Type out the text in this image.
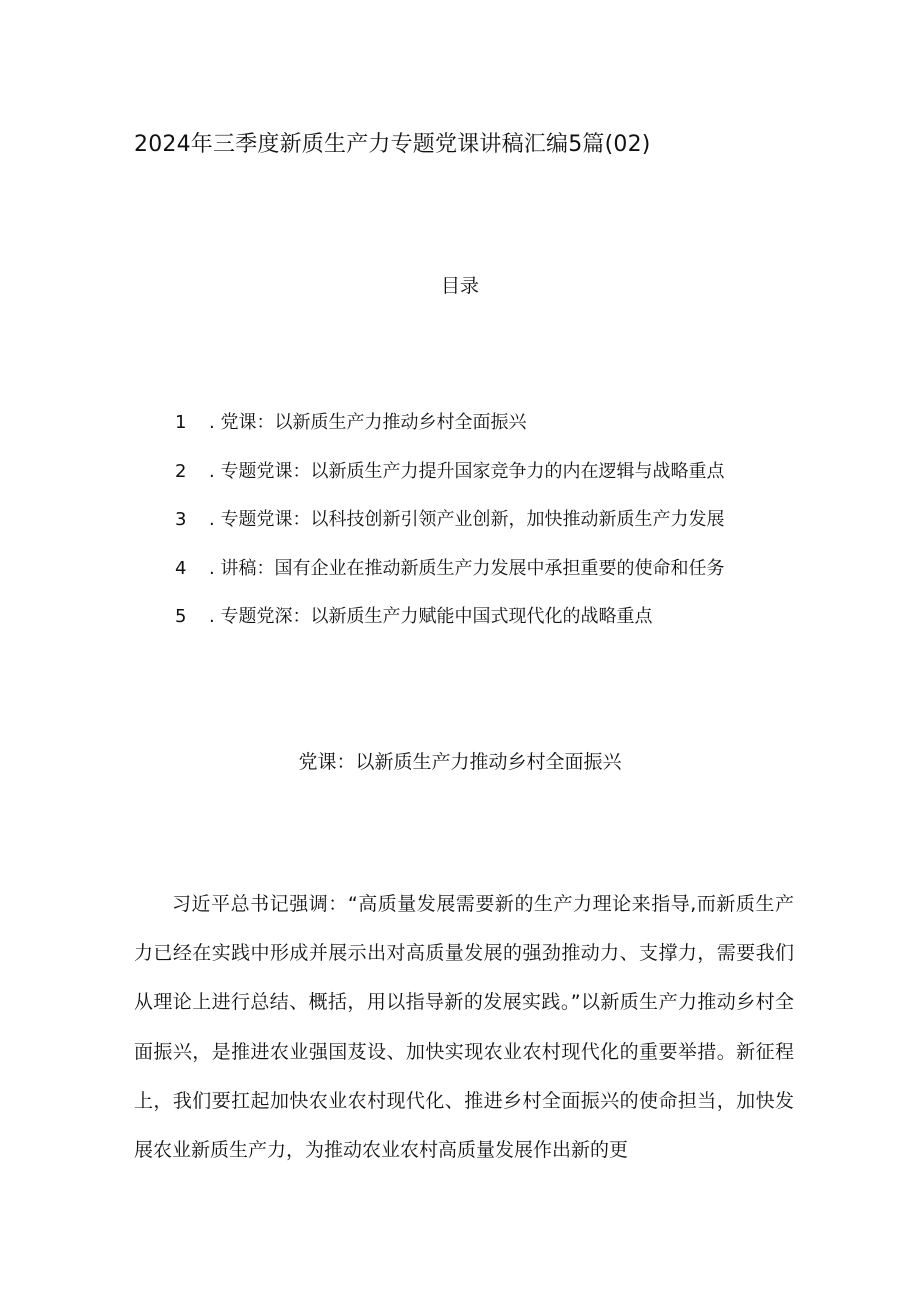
2024年三季度新质生产力专题党课讲稿汇编5篇(02)
目录
1 . 党课：以新质生产力推动乡村全面振兴
2 . 专题党课：以新质生产力提升国家竞争力的内在逻辑与战略重点
3 . 专题党课：以科技创新引领产业创新，加快推动新质生产力发展
4 . 讲稿：国有企业在推动新质生产力发展中承担重要的使命和任务
5 . 专题党深：以新质生产力赋能中国式现代化的战略重点
党课：以新质生产力推动乡村全面振兴

习近平总书记强调：“高质量发展需要新的生产力理论来指导,而新质生产力已经在实践中形成并展示出对高质量发展的强劲推动力、支撑力，需要我们从理论上进行总结、概括，用以指导新的发展实践。”以新质生产力推动乡村全面振兴，是推进农业强国芨设、加快实现农业农村现代化的重要举措。新征程上，我们要扛起加快农业农村现代化、推进乡村全面振兴的使命担当，加快发展农业新质生产力，为推动农业农村高质量发展作出新的更
